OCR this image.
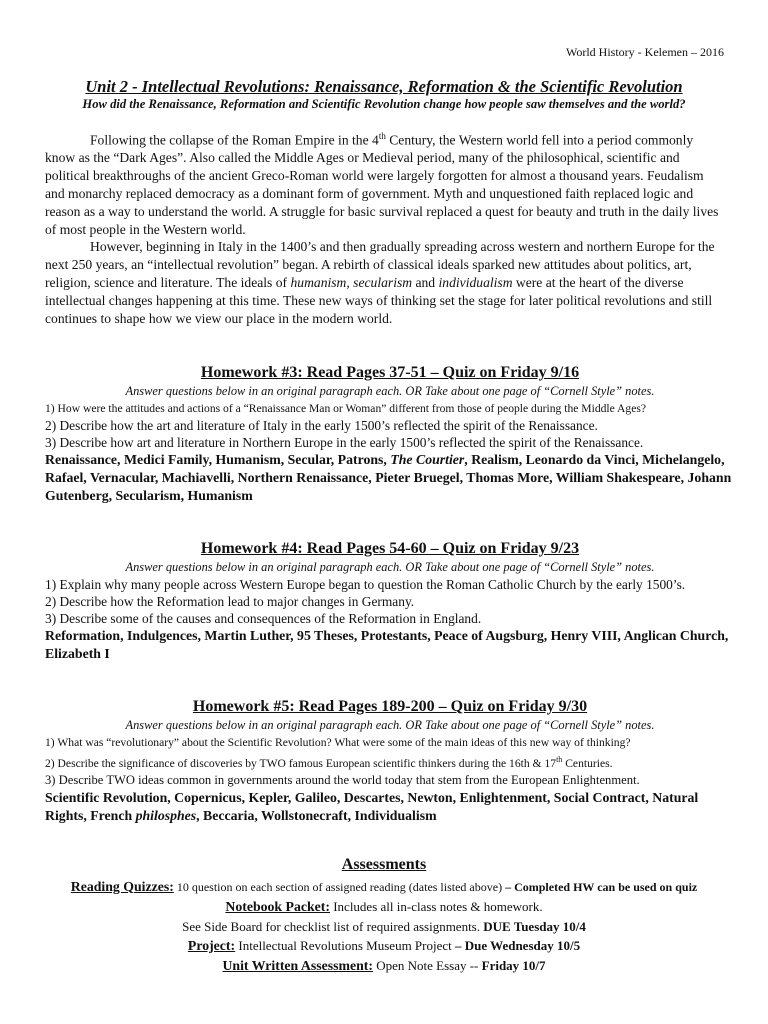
World History - Kelemen – 2016
Unit 2 - Intellectual Revolutions: Renaissance, Reformation & the Scientific Revolution
How did the Renaissance, Reformation and Scientific Revolution change how people saw themselves and the world?

Following the collapse of the Roman Empire in the 4th Century, the Western world fell into a period commonly know as the “Dark Ages”. Also called the Middle Ages or Medieval period, many of the philosophical, scientific and political breakthroughs of the ancient Greco-Roman world were largely forgotten for almost a thousand years. Feudalism and monarchy replaced democracy as a dominant form of government. Myth and unquestioned faith replaced logic and reason as a way to understand the world. A struggle for basic survival replaced a quest for beauty and truth in the daily lives of most people in the Western world.

However, beginning in Italy in the 1400’s and then gradually spreading across western and northern Europe for the next 250 years, an “intellectual revolution” began. A rebirth of classical ideals sparked new attitudes about politics, art, religion, science and literature. The ideals of humanism, secularism and individualism were at the heart of the diverse intellectual changes happening at this time. These new ways of thinking set the stage for later political revolutions and still continues to shape how we view our place in the modern world.

Homework #3: Read Pages 37-51 – Quiz on Friday 9/16
Answer questions below in an original paragraph each. OR Take about one page of “Cornell Style” notes.
1) How were the attitudes and actions of a “Renaissance Man or Woman” different from those of people during the Middle Ages?
2) Describe how the art and literature of Italy in the early 1500’s reflected the spirit of the Renaissance.
3) Describe how art and literature in Northern Europe in the early 1500’s reflected the spirit of the Renaissance.
Renaissance, Medici Family, Humanism, Secular, Patrons, The Courtier, Realism, Leonardo da Vinci, Michelangelo, Rafael, Vernacular, Machiavelli, Northern Renaissance, Pieter Bruegel, Thomas More, William Shakespeare, Johann Gutenberg, Secularism, Humanism
Homework #4: Read Pages 54-60 – Quiz on Friday 9/23
Answer questions below in an original paragraph each. OR Take about one page of “Cornell Style” notes.
1) Explain why many people across Western Europe began to question the Roman Catholic Church by the early 1500’s.
2) Describe how the Reformation lead to major changes in Germany.
3) Describe some of the causes and consequences of the Reformation in England.
Reformation, Indulgences, Martin Luther, 95 Theses, Protestants, Peace of Augsburg, Henry VIII, Anglican Church, Elizabeth I
Homework #5: Read Pages 189-200 – Quiz on Friday 9/30
Answer questions below in an original paragraph each. OR Take about one page of “Cornell Style” notes.
1) What was “revolutionary” about the Scientific Revolution? What were some of the main ideas of this new way of thinking?
2) Describe the significance of discoveries by TWO famous European scientific thinkers during the 16th & 17th Centuries.
3) Describe TWO ideas common in governments around the world today that stem from the European Enlightenment.
Scientific Revolution, Copernicus, Kepler, Galileo, Descartes, Newton, Enlightenment, Social Contract, Natural Rights, French philosphes, Beccaria, Wollstonecraft, Individualism
Assessments
Reading Quizzes: 10 question on each section of assigned reading (dates listed above) – Completed HW can be used on quiz
Notebook Packet: Includes all in-class notes & homework.
See Side Board for checklist list of required assignments. DUE Tuesday 10/4
Project: Intellectual Revolutions Museum Project – Due Wednesday 10/5
Unit Written Assessment: Open Note Essay -- Friday 10/7
